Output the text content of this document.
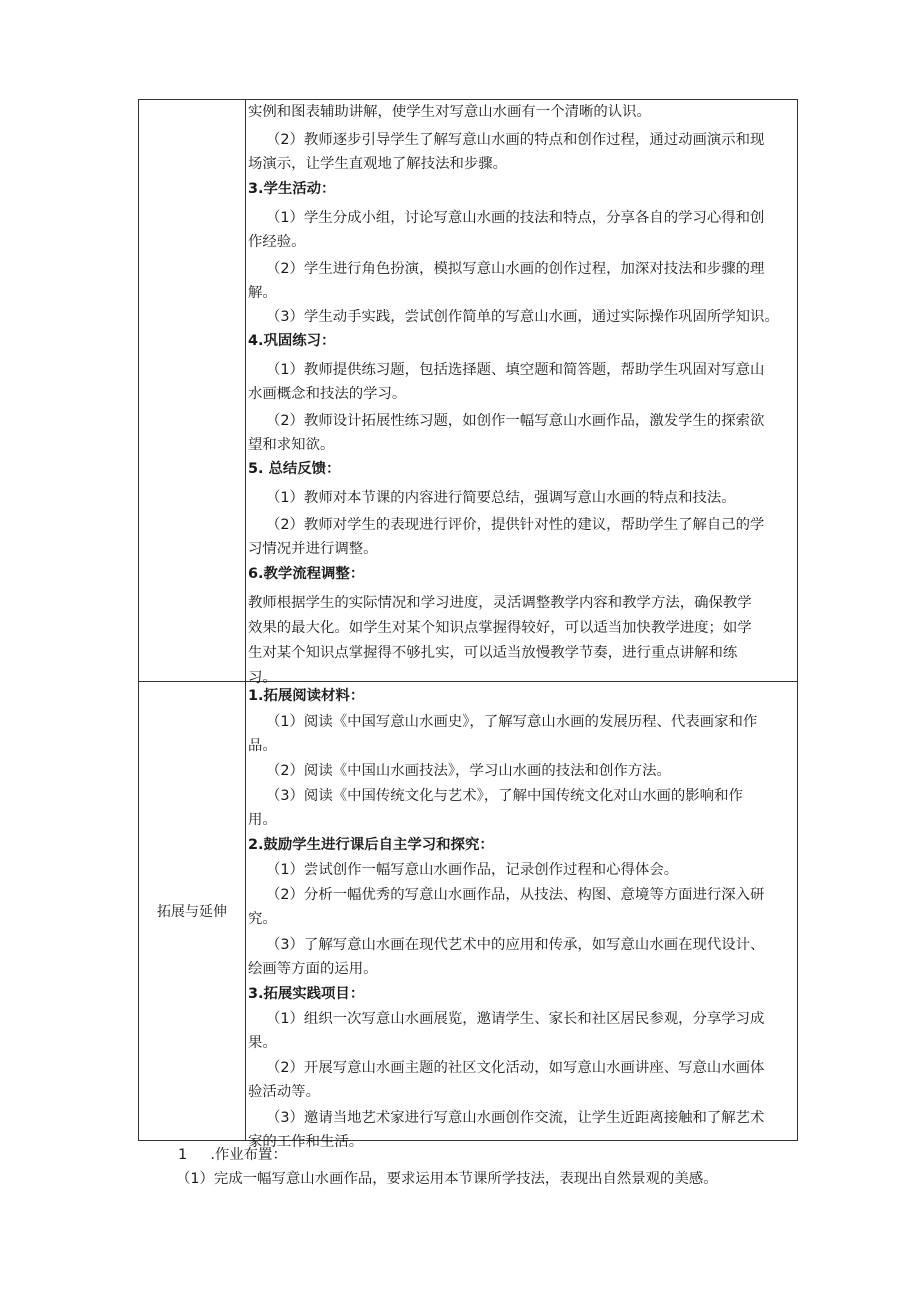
实例和图表辅助讲解，使学生对写意山水画有一个清晰的认识。
（2）教师逐步引导学生了解写意山水画的特点和创作过程，通过动画演示和现
场演示，让学生直观地了解技法和步骤。
3.学生活动：
（1）学生分成小组，讨论写意山水画的技法和特点，分享各自的学习心得和创
作经验。
（2）学生进行角色扮演，模拟写意山水画的创作过程，加深对技法和步骤的理
解。
（3）学生动手实践，尝试创作简单的写意山水画，通过实际操作巩固所学知识。
4.巩固练习：
（1）教师提供练习题，包括选择题、填空题和简答题，帮助学生巩固对写意山
水画概念和技法的学习。
（2）教师设计拓展性练习题，如创作一幅写意山水画作品，激发学生的探索欲
望和求知欲。
5. 总结反馈：
（1）教师对本节课的内容进行简要总结，强调写意山水画的特点和技法。
（2）教师对学生的表现进行评价，提供针对性的建议，帮助学生了解自己的学
习情况并进行调整。
6.教学流程调整：
教师根据学生的实际情况和学习进度，灵活调整教学内容和教学方法，确保教学
效果的最大化。如学生对某个知识点掌握得较好，可以适当加快教学进度；如学
生对某个知识点掌握得不够扎实，可以适当放慢教学节奏，进行重点讲解和练
习。
拓展与延伸
1.拓展阅读材料：
（1）阅读《中国写意山水画史》，了解写意山水画的发展历程、代表画家和作
品。
（2）阅读《中国山水画技法》，学习山水画的技法和创作方法。
（3）阅读《中国传统文化与艺术》，了解中国传统文化对山水画的影响和作
用。
2.鼓励学生进行课后自主学习和探究：
（1）尝试创作一幅写意山水画作品，记录创作过程和心得体会。
（2）分析一幅优秀的写意山水画作品，从技法、构图、意境等方面进行深入研
究。
（3）了解写意山水画在现代艺术中的应用和传承，如写意山水画在现代设计、
绘画等方面的运用。
3.拓展实践项目：
（1）组织一次写意山水画展览，邀请学生、家长和社区居民参观，分享学习成
果。
（2）开展写意山水画主题的社区文化活动，如写意山水画讲座、写意山水画体
验活动等。
（3）邀请当地艺术家进行写意山水画创作交流，让学生近距离接触和了解艺术
家的工作和生活。
1 .作业布置：
（1）完成一幅写意山水画作品，要求运用本节课所学技法，表现出自然景观的美感。
